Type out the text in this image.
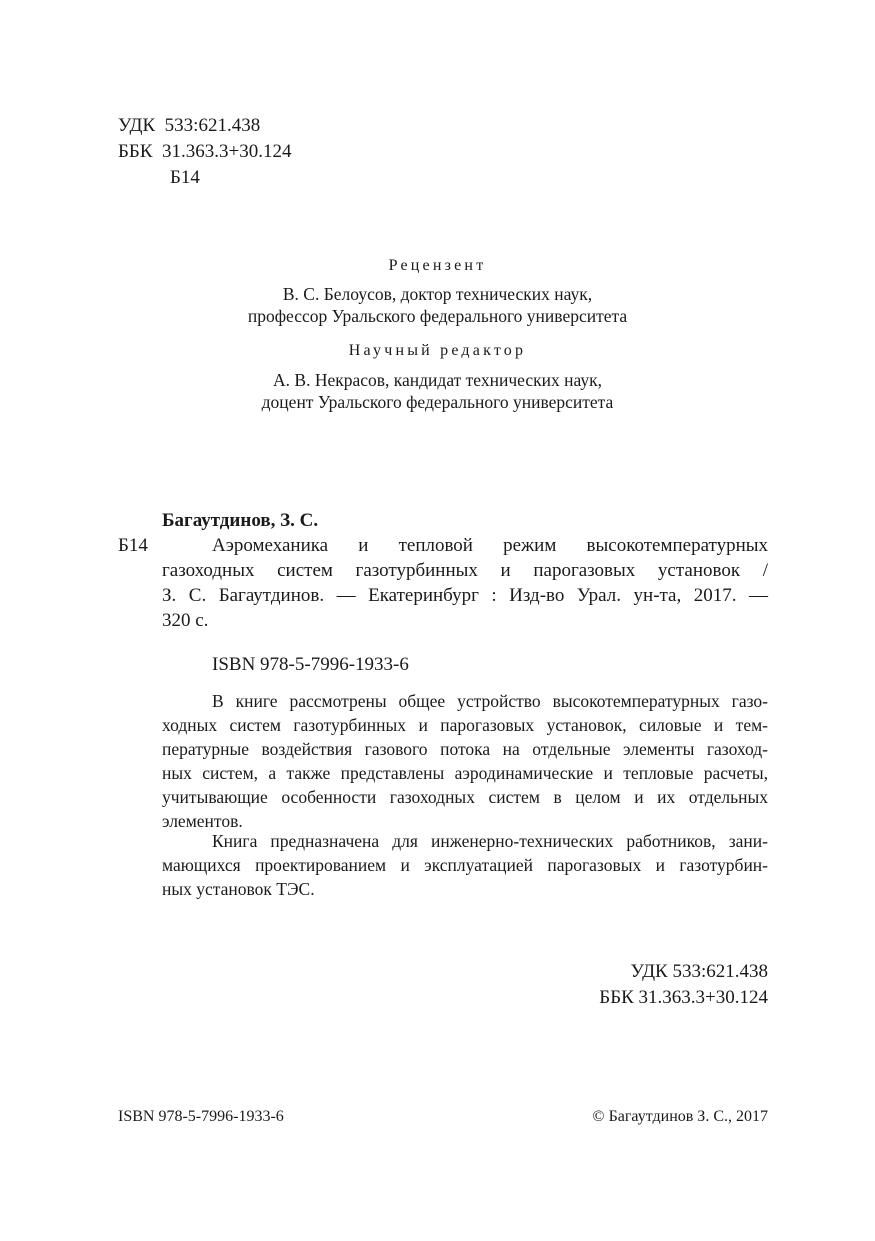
УДК 533:621.438
ББК 31.363.3+30.124
Б14
Рецензент
В. С. Белоусов, доктор технических наук,
профессор Уральского федерального университета
Научный редактор
А. В. Некрасов, кандидат технических наук,
доцент Уральского федерального университета
Багаутдинов, З. С.
Б14	Аэромеханика и тепловой режим высокотемпературных
газоходных систем газотурбинных и парогазовых установок /
З. С. Багаутдинов. — Екатеринбург : Изд-во Урал. ун-та, 2017. —
320 с.
ISBN 978-5-7996-1933-6
В книге рассмотрены общее устройство высокотемпературных газо-
ходных систем газотурбинных и парогазовых установок, силовые и тем-
пературные воздействия газового потока на отдельные элементы газоход-
ных систем, а также представлены аэродинамические и тепловые расчеты,
учитывающие особенности газоходных систем в целом и их отдельных
элементов.
Книга предназначена для инженерно-технических работников, зани-
мающихся проектированием и эксплуатацией парогазовых и газотурбин-
ных установок ТЭС.
УДК 533:621.438
ББК 31.363.3+30.124
ISBN 978-5-7996-1933-6	© Багаутдинов З. С., 2017
